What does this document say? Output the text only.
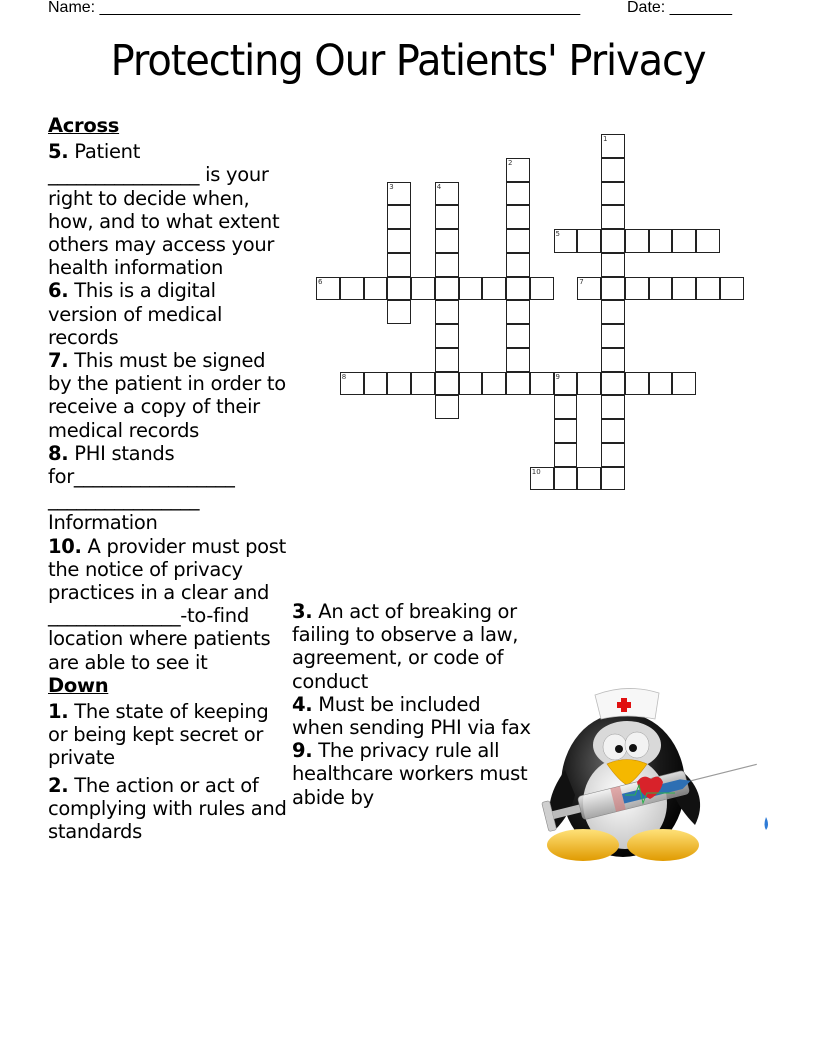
Name: ______________________________________________________	Date: _______
Protecting Our Patients' Privacy
Across
5. Patient ________________ is your right to decide when, how, and to what extent others may access your health information
6. This is a digital version of medical records
7. This must be signed by the patient in order to receive a copy of their medical records
8. PHI stands for_________________ ________________ Information
10. A provider must post the notice of privacy practices in a clear and ______________-to-find location where patients are able to see it
Down
1. The state of keeping or being kept secret or private
2. The action or act of complying with rules and standards
3. An act of breaking or failing to observe a law, agreement, or code of conduct
4. Must be included when sending PHI via fax
9. The privacy rule all healthcare workers must abide by
1
2
3	4
5
6	7
8	9
10
